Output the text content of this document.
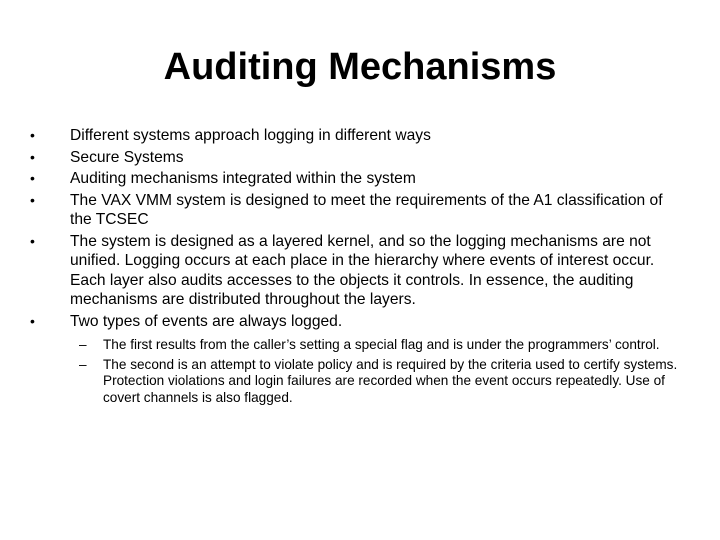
Auditing Mechanisms
• Different systems approach logging in different ways
• Secure Systems
• Auditing mechanisms integrated within the system
• The VAX VMM system is designed to meet the requirements of the A1 classification of the TCSEC
• The system is designed as a layered kernel, and so the logging mechanisms are not unified. Logging occurs at each place in the hierarchy where events of interest occur. Each layer also audits accesses to the objects it controls. In essence, the auditing mechanisms are distributed throughout the layers.
• Two types of events are always logged.
– The first results from the caller’s setting a special flag and is under the programmers’ control.
– The second is an attempt to violate policy and is required by the criteria used to certify systems. Protection violations and login failures are recorded when the event occurs repeatedly. Use of covert channels is also flagged.
